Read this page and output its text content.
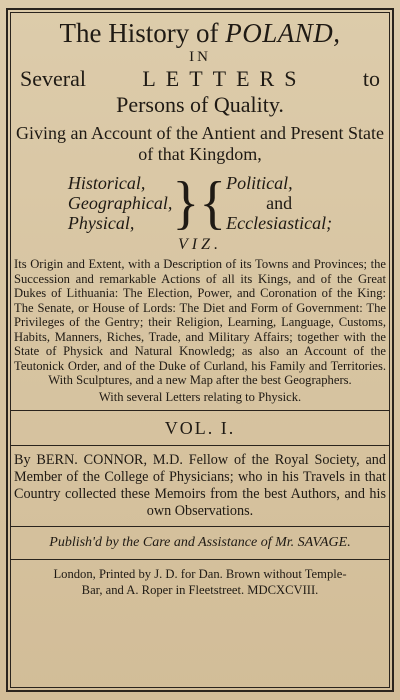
The History of POLAND,
IN
Several	LETTERS	to
Persons of Quality.
Giving an Account of the Antient and Present State of that Kingdom,
Historical,
Geographical,
Physical, }{ Political,
and
Ecclesiastical;
VIZ.
Its Origin and Extent, with a Description of its Towns and Provinces; the Succession and remarkable Actions of all its Kings, and of the Great Dukes of Lithuania: The Election, Power, and Coronation of the King: The Senate, or House of Lords: The Diet and Form of Government: The Privileges of the Gentry; their Religion, Learning, Language, Customs, Habits, Manners, Riches, Trade, and Military Affairs; together with the State of Physick and Natural Knowledg; as also an Account of the Teutonick Order, and of the Duke of Curland, his Family and Territories. With Sculptures, and a new Map after the best Geographers.
With several Letters relating to Physick.
VOL. I.
By BERN. CONNOR, M.D. Fellow of the Royal Society, and Member of the College of Physicians; who in his Travels in that Country collected these Memoirs from the best Authors, and his own Observations.
Publish'd by the Care and Assistance of Mr. SAVAGE.
London, Printed by J. D. for Dan. Brown without Temple-
Bar, and A. Roper in Fleetstreet. MDCXCVIII.
